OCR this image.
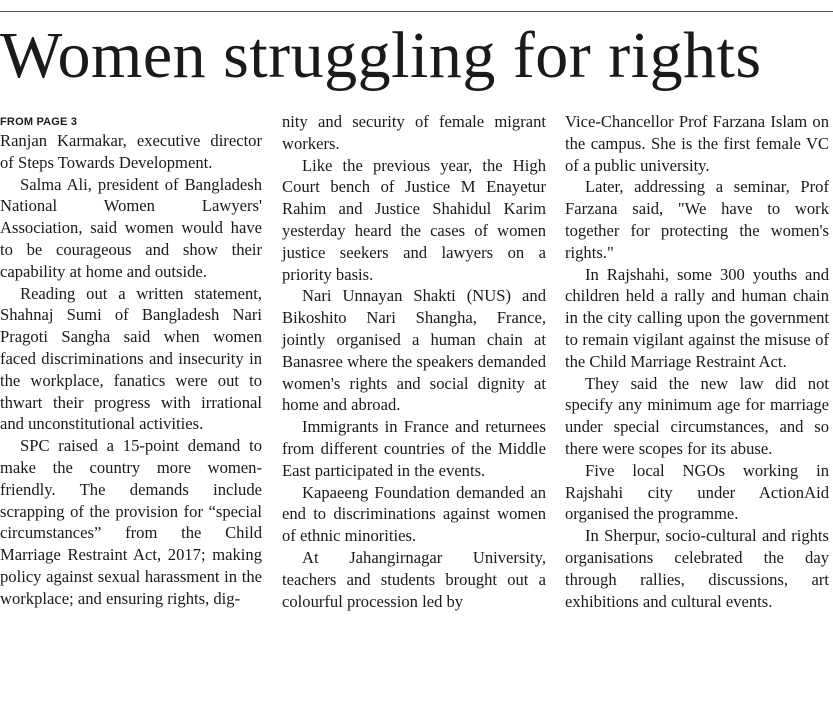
Women struggling for rights
FROM PAGE 3

Ranjan Karmakar, executive director of Steps Towards Development.

Salma Ali, president of Bangladesh National Women Lawyers' Association, said women would have to be courageous and show their capability at home and outside.

Reading out a written statement, Shahnaj Sumi of Bangladesh Nari Pragoti Sangha said when women faced discriminations and insecurity in the workplace, fanatics were out to thwart their progress with irrational and unconstitutional activities.

SPC raised a 15-point demand to make the country more women-friendly. The demands include scrapping of the provision for “special circumstances” from the Child Marriage Restraint Act, 2017; making policy against sexual harassment in the workplace; and ensuring rights, dig-

nity and security of female migrant workers.

Like the previous year, the High Court bench of Justice M Enayetur Rahim and Justice Shahidul Karim yesterday heard the cases of women justice seekers and lawyers on a priority basis.

Nari Unnayan Shakti (NUS) and Bikoshito Nari Shangha, France, jointly organised a human chain at Banasree where the speakers demanded women's rights and social dignity at home and abroad.

Immigrants in France and returnees from different countries of the Middle East participated in the events.

Kapaeeng Foundation demanded an end to discriminations against women of ethnic minorities.

At Jahangirnagar University, teachers and students brought out a colourful procession led by

Vice-Chancellor Prof Farzana Islam on the campus. She is the first female VC of a public university.

Later, addressing a seminar, Prof Farzana said, "We have to work together for protecting the women's rights."

In Rajshahi, some 300 youths and children held a rally and human chain in the city calling upon the government to remain vigilant against the misuse of the Child Marriage Restraint Act.

They said the new law did not specify any minimum age for marriage under special circumstances, and so there were scopes for its abuse.

Five local NGOs working in Rajshahi city under ActionAid organised the programme.

In Sherpur, socio-cultural and rights organisations celebrated the day through rallies, discussions, art exhibitions and cultural events.
